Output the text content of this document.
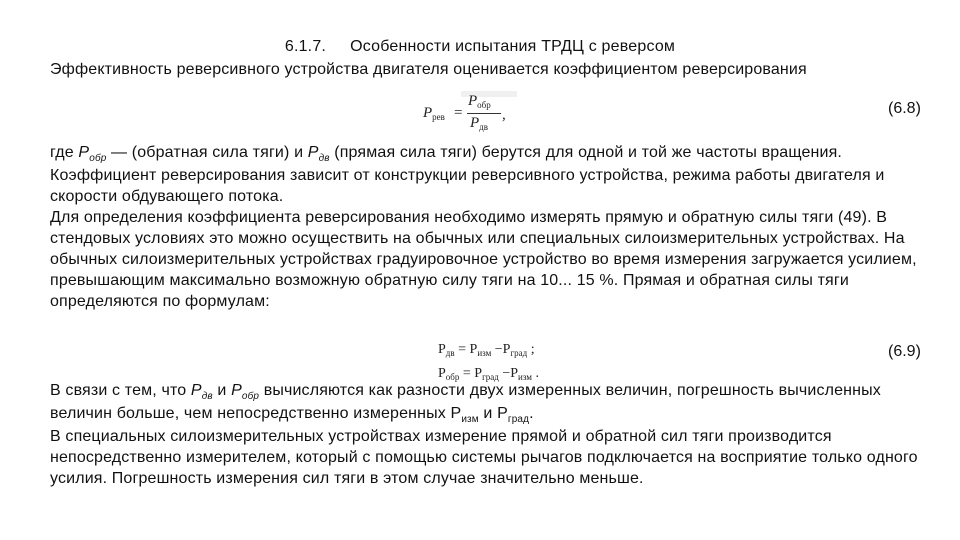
6.1.7. Особенности испытания ТРДЦ с реверсом

Эффективность реверсивного устройства двигателя оценивается коэффициентом реверсирования

$P_{рев}$ =
$P_{обр}$
$P_{дв}$
,	(6.8)

где $P_{обр}$ — (обратная сила тяги) и $P_{дв}$ (прямая сила тяги) берутся для одной и той же частоты вращения.

Коэффициент реверсирования зависит от конструкции реверсивного устройства, режима работы двигателя и скорости обдувающего потока.

Для определения коэффициента реверсирования необходимо измерять прямую и обратную силы тяги (49). В стендовых условиях это можно осуществить на обычных или специальных силоизмерительных устройствах. На обычных силоизмерительных устройствах градуировочное устройство во время измерения загружается усилием, превышающим максимально возможную обратную силу тяги на 10... 15 %. Прямая и обратная силы тяги определяются по формулам:

$P_{дв} = P_{изм} -P_{град}$ ;
$P_{обр} = P_{град} -P_{изм}$ .
(6.9)

В связи с тем, что $P_{дв}$ и $P_{обр}$ вычисляются как разности двух измеренных величин, погрешность вычисленных величин больше, чем непосредственно измеренных $Р_{изм}$ и $Р_{град}$.

В специальных силоизмерительных устройствах измерение прямой и обратной сил тяги производится непосредственно измерителем, который с помощью системы рычагов подключается на восприятие только одного усилия. Погрешность измерения сил тяги в этом случае значительно меньше.
